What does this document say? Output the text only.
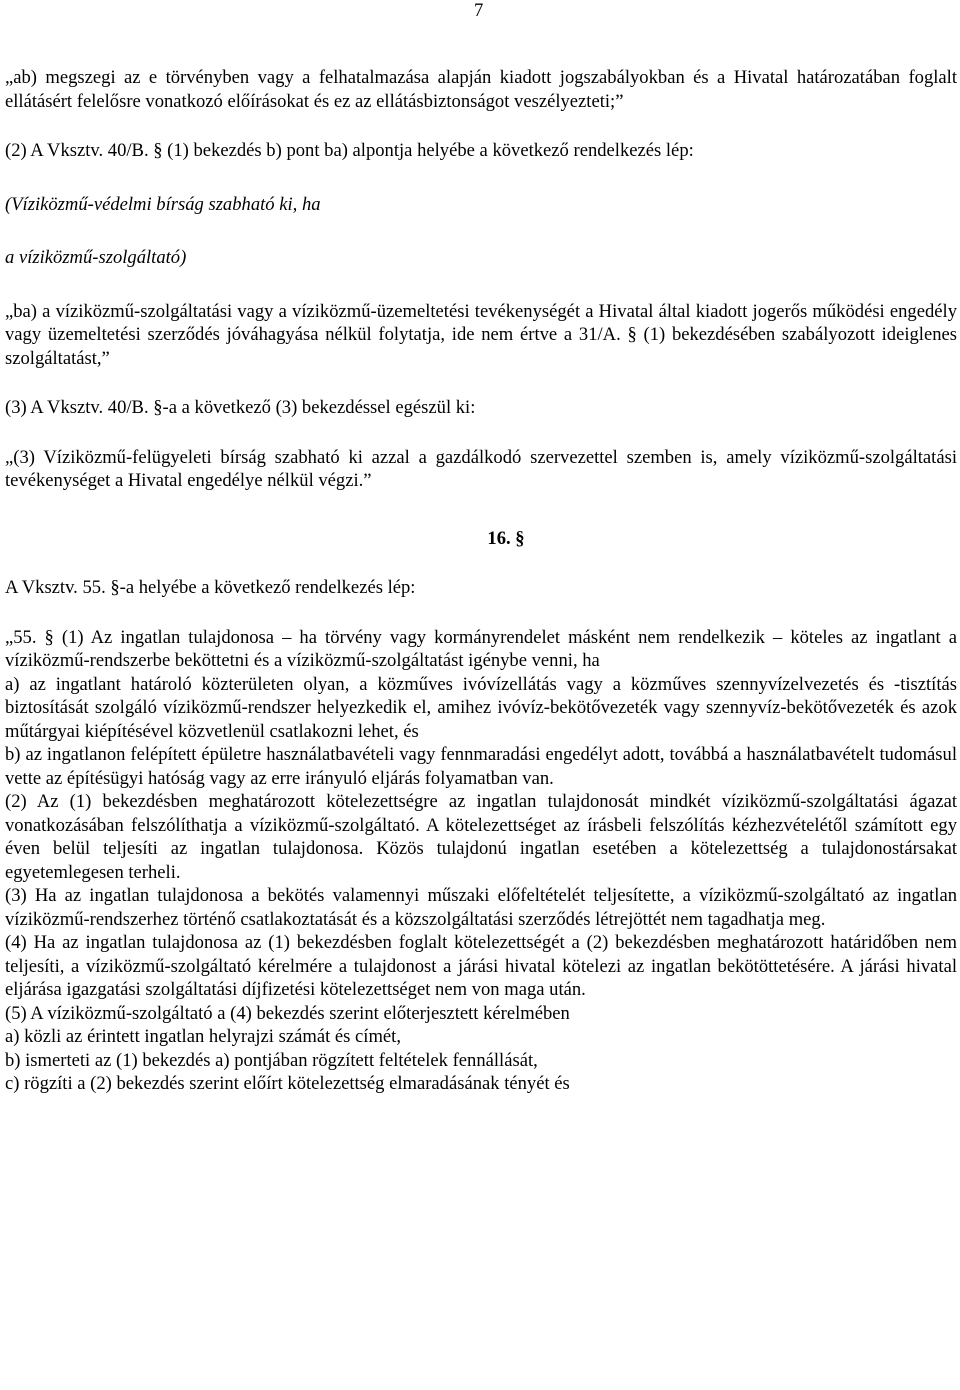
7

„ab) megszegi az e törvényben vagy a felhatalmazása alapján kiadott jogszabályokban és a Hivatal határozatában foglalt ellátásért felelősre vonatkozó előírásokat és ez az ellátásbiztonságot veszélyezteti;”

(2) A Vksztv. 40/B. § (1) bekezdés b) pont ba) alpontja helyébe a következő rendelkezés lép:

(Víziközmű-védelmi bírság szabható ki, ha

a víziközmű-szolgáltató)

„ba) a víziközmű-szolgáltatási vagy a víziközmű-üzemeltetési tevékenységét a Hivatal által kiadott jogerős működési engedély vagy üzemeltetési szerződés jóváhagyása nélkül folytatja, ide nem értve a 31/A. § (1) bekezdésében szabályozott ideiglenes szolgáltatást,”

(3) A Vksztv. 40/B. §-a a következő (3) bekezdéssel egészül ki:

„(3) Víziközmű-felügyeleti bírság szabható ki azzal a gazdálkodó szervezettel szemben is, amely víziközmű-szolgáltatási tevékenységet a Hivatal engedélye nélkül végzi.”

16. §

A Vksztv. 55. §-a helyébe a következő rendelkezés lép:

„55. § (1) Az ingatlan tulajdonosa – ha törvény vagy kormányrendelet másként nem rendelkezik – köteles az ingatlant a víziközmű-rendszerbe beköttetni és a víziközmű-szolgáltatást igénybe venni, ha

a) az ingatlant határoló közterületen olyan, a közműves ivóvízellátás vagy a közműves szennyvízelvezetés és -tisztítás biztosítását szolgáló víziközmű-rendszer helyezkedik el, amihez ivóvíz-bekötővezeték vagy szennyvíz-bekötővezeték és azok műtárgyai kiépítésével közvetlenül csatlakozni lehet, és

b) az ingatlanon felépített épületre használatbavételi vagy fennmaradási engedélyt adott, továbbá a használatbavételt tudomásul vette az építésügyi hatóság vagy az erre irányuló eljárás folyamatban van.

(2) Az (1) bekezdésben meghatározott kötelezettségre az ingatlan tulajdonosát mindkét víziközmű-szolgáltatási ágazat vonatkozásában felszólíthatja a víziközmű-szolgáltató. A kötelezettséget az írásbeli felszólítás kézhezvételétől számított egy éven belül teljesíti az ingatlan tulajdonosa. Közös tulajdonú ingatlan esetében a kötelezettség a tulajdonostársakat egyetemlegesen terheli.

(3) Ha az ingatlan tulajdonosa a bekötés valamennyi műszaki előfeltételét teljesítette, a víziközmű-szolgáltató az ingatlan víziközmű-rendszerhez történő csatlakoztatását és a közszolgáltatási szerződés létrejöttét nem tagadhatja meg.

(4) Ha az ingatlan tulajdonosa az (1) bekezdésben foglalt kötelezettségét a (2) bekezdésben meghatározott határidőben nem teljesíti, a víziközmű-szolgáltató kérelmére a tulajdonost a járási hivatal kötelezi az ingatlan bekötöttetésére. A járási hivatal eljárása igazgatási szolgáltatási díjfizetési kötelezettséget nem von maga után.

(5) A víziközmű-szolgáltató a (4) bekezdés szerint előterjesztett kérelmében

a) közli az érintett ingatlan helyrajzi számát és címét,

b) ismerteti az (1) bekezdés a) pontjában rögzített feltételek fennállását,

c) rögzíti a (2) bekezdés szerint előírt kötelezettség elmaradásának tényét és
